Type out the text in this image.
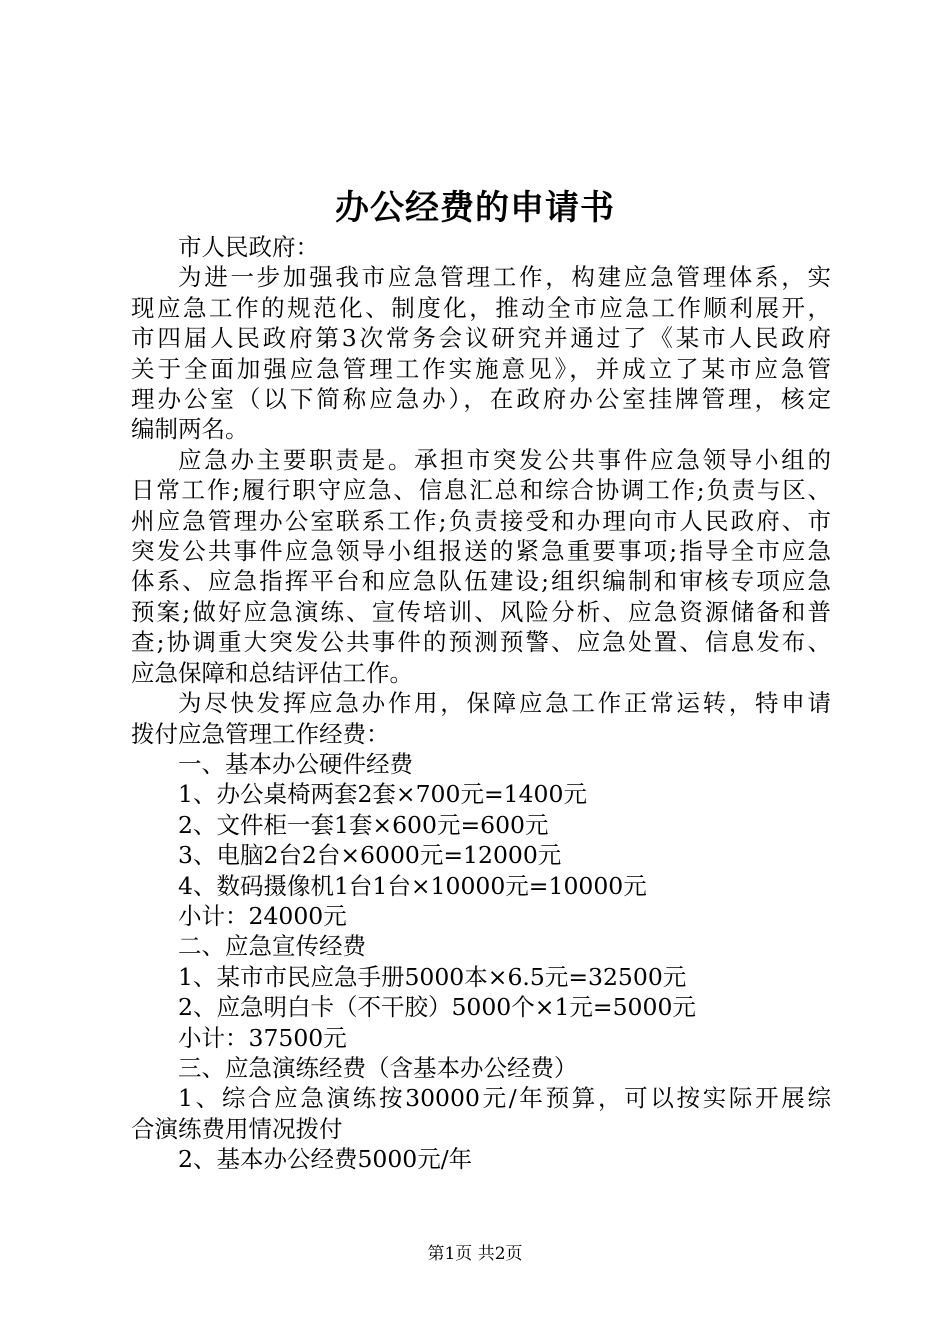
办公经费的申请书
市人民政府：
为进一步加强我市应急管理工作，构建应急管理体系，实
现应急工作的规范化、制度化，推动全市应急工作顺利展开，
市四届人民政府第3次常务会议研究并通过了《某市人民政府
关于全面加强应急管理工作实施意见》，并成立了某市应急管
理办公室（以下简称应急办），在政府办公室挂牌管理，核定
编制两名。
应急办主要职责是。承担市突发公共事件应急领导小组的
日常工作;履行职守应急、信息汇总和综合协调工作;负责与区、
州应急管理办公室联系工作;负责接受和办理向市人民政府、市
突发公共事件应急领导小组报送的紧急重要事项;指导全市应急
体系、应急指挥平台和应急队伍建设;组织编制和审核专项应急
预案;做好应急演练、宣传培训、风险分析、应急资源储备和普
查;协调重大突发公共事件的预测预警、应急处置、信息发布、
应急保障和总结评估工作。
为尽快发挥应急办作用，保障应急工作正常运转，特申请
拨付应急管理工作经费：
一、基本办公硬件经费
1、办公桌椅两套2套×700元=1400元
2、文件柜一套1套×600元=600元
3、电脑2台2台×6000元=12000元
4、数码摄像机1台1台×10000元=10000元
小计：24000元
二、应急宣传经费
1、某市市民应急手册5000本×6.5元=32500元
2、应急明白卡（不干胶）5000个×1元=5000元
小计：37500元
三、应急演练经费（含基本办公经费）
1、综合应急演练按30000元/年预算，可以按实际开展综
合演练费用情况拨付
2、基本办公经费5000元/年
第1页 共2页
